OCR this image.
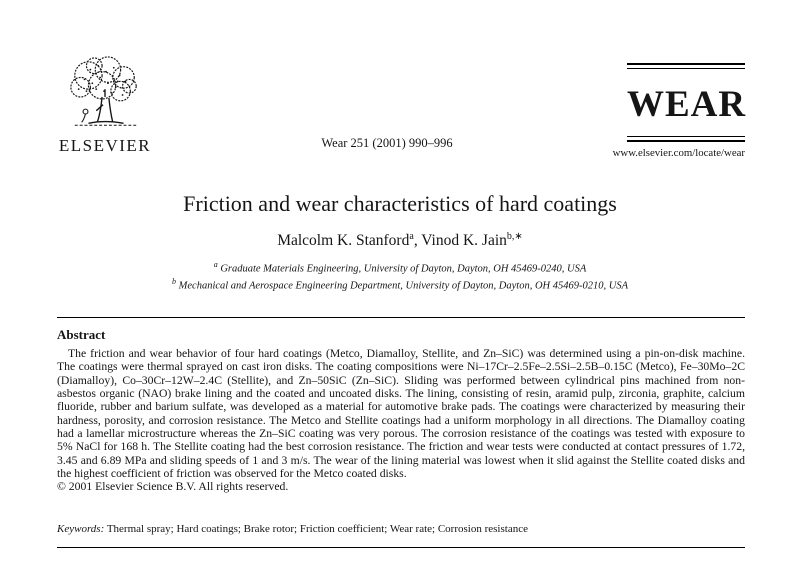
ELSEVIER	Wear 251 (2001) 990–996
WEAR
www.elsevier.com/locate/wear
Friction and wear characteristics of hard coatings
Malcolm K. Stanford$^a$, Vinod K. Jain$^{b,∗}$
$^a$ Graduate Materials Engineering, University of Dayton, Dayton, OH 45469-0240, USA
$^b$ Mechanical and Aerospace Engineering Department, University of Dayton, Dayton, OH 45469-0210, USA
Abstract

The friction and wear behavior of four hard coatings (Metco, Diamalloy, Stellite, and Zn–SiC) was determined using a pin-on-disk machine. The coatings were thermal sprayed on cast iron disks. The coating compositions were Ni–17Cr–2.5Fe–2.5Si–2.5B–0.15C (Metco), Fe–30Mo–2C (Diamalloy), Co–30Cr–12W–2.4C (Stellite), and Zn–50SiC (Zn–SiC). Sliding was performed between cylindrical pins machined from non-asbestos organic (NAO) brake lining and the coated and uncoated disks. The lining, consisting of resin, aramid pulp, zirconia, graphite, calcium fluoride, rubber and barium sulfate, was developed as a material for automotive brake pads. The coatings were characterized by measuring their hardness, porosity, and corrosion resistance. The Metco and Stellite coatings had a uniform morphology in all directions. The Diamalloy coating had a lamellar microstructure whereas the Zn–SiC coating was very porous. The corrosion resistance of the coatings was tested with exposure to 5% NaCl for 168 h. The Stellite coating had the best corrosion resistance. The friction and wear tests were conducted at contact pressures of 1.72, 3.45 and 6.89 MPa and sliding speeds of 1 and 3 m/s. The wear of the lining material was lowest when it slid against the Stellite coated disks and the highest coefficient of friction was observed for the Metco coated disks.

© 2001 Elsevier Science B.V. All rights reserved.
Keywords: Thermal spray; Hard coatings; Brake rotor; Friction coefficient; Wear rate; Corrosion resistance
